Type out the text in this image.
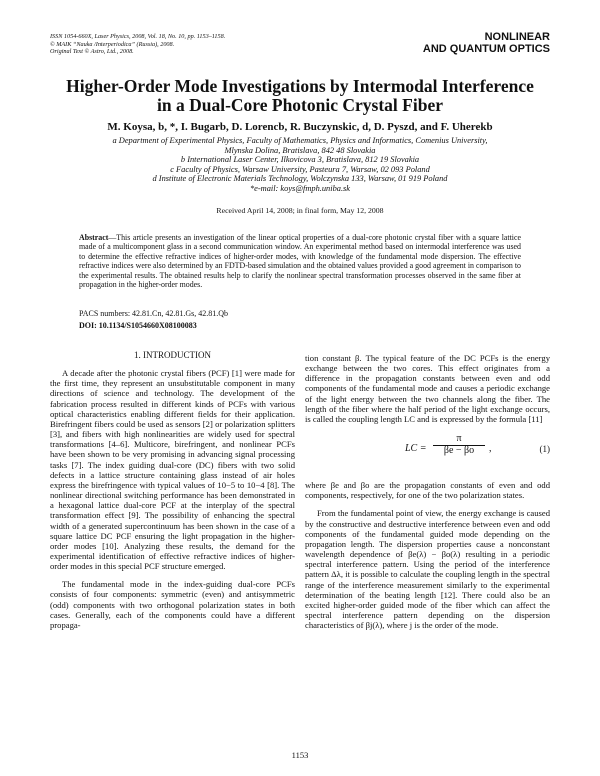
ISSN 1054-660X, Laser Physics, 2008, Vol. 18, No. 10, pp. 1153–1158.
© MAIK “Nauka /Interperiodica” (Russia), 2008.
Original Text © Astro, Ltd., 2008.
NONLINEAR
AND QUANTUM OPTICS
Higher-Order Mode Investigations by Intermodal Interference
in a Dual-Core Photonic Crystal Fiber
M. Koysa, b, *, I. Bugarb, D. Lorencb, R. Buczynskic, d, D. Pyszd, and F. Uherekb
a Department of Experimental Physics, Faculty of Mathematics, Physics and Informatics, Comenius University,
Mlynska Dolina, Bratislava, 842 48 Slovakia
b International Laser Center, Ilkovicova 3, Bratislava, 812 19 Slovakia
c Faculty of Physics, Warsaw University, Pasteura 7, Warsaw, 02 093 Poland
d Institute of Electronic Materials Technology, Wolczynska 133, Warsaw, 01 919 Poland
*e-mail: koys@fmph.uniba.sk
Received April 14, 2008; in final form, May 12, 2008
Abstract—This article presents an investigation of the linear optical properties of a dual-core photonic crystal fiber with a square lattice made of a multicomponent glass in a second communication window. An experimental method based on intermodal interference was used to determine the effective refractive indices of higher-order modes, with knowledge of the fundamental mode dispersion. The effective refractive indices were also determined by an FDTD-based simulation and the obtained values provided a good agreement in comparison to the experimental results. The obtained results help to clarify the nonlinear spectral transformation processes observed in the same fiber at propagation in the higher-order modes.
PACS numbers: 42.81.Cn, 42.81.Gs, 42.81.Qb
DOI: 10.1134/S1054660X08100083

1. INTRODUCTION

A decade after the photonic crystal fibers (PCF) [1] were made for the first time, they represent an unsubstitutable component in many directions of science and technology. The development of the fabrication process resulted in different kinds of PCFs with various optical characteristics enabling different fields for their application. Birefringent fibers could be used as sensors [2] or polarization splitters [3], and fibers with high nonlinearities are widely used for spectral transformations [4–6]. Multicore, birefringent, and nonlinear PCFs have been shown to be very promising in advancing signal processing tasks [7]. The index guiding dual-core (DC) fibers with two solid defects in a lattice structure containing glass instead of air holes express the birefringence with typical values of 10−5 to 10−4 [8]. The nonlinear directional switching performance has been demonstrated in a hexagonal lattice dual-core PCF at the interplay of the spectral transformation effect [9]. The possibility of enhancing the spectral width of a generated supercontinuum has been shown in the case of a square lattice DC PCF ensuring the light propagation in the higher-order modes [10]. Analyzing these results, the demand for the experimental identification of effective refractive indices of higher-order modes in this special PCF structure emerged.

The fundamental mode in the index-guiding dual-core PCFs consists of four components: symmetric (even) and antisymmetric (odd) components with two orthogonal polarization states in both cases. Generally, each of the components could have a different propaga-

tion constant β. The typical feature of the DC PCFs is the energy exchange between the two cores. This effect originates from a difference in the propagation constants between even and odd components of the fundamental mode and causes a periodic exchange of the light energy between the two channels along the fiber. The length of the fiber where the half period of the light exchange occurs, is called the coupling length LC and is expressed by the formula [11]

LC = $\frac{\pi}{\beta e - \beta o}$ ,	(1)

where βe and βo are the propagation constants of even and odd components, respectively, for one of the two polarization states.

From the fundamental point of view, the energy exchange is caused by the constructive and destructive interference between even and odd components of the fundamental guided mode depending on the propagation length. The dispersion properties cause a nonconstant wavelength dependence of βe(λ) − βo(λ) resulting in a periodic spectral interference pattern. Using the period of the interference pattern Δλ, it is possible to calculate the coupling length in the spectral range of the interference measurement similarly to the experimental determination of the beating length [12]. There could also be an excited higher-order guided mode of the fiber which can affect the spectral interference pattern depending on the dispersion characteristics of βj(λ), where j is the order of the mode.

1153
